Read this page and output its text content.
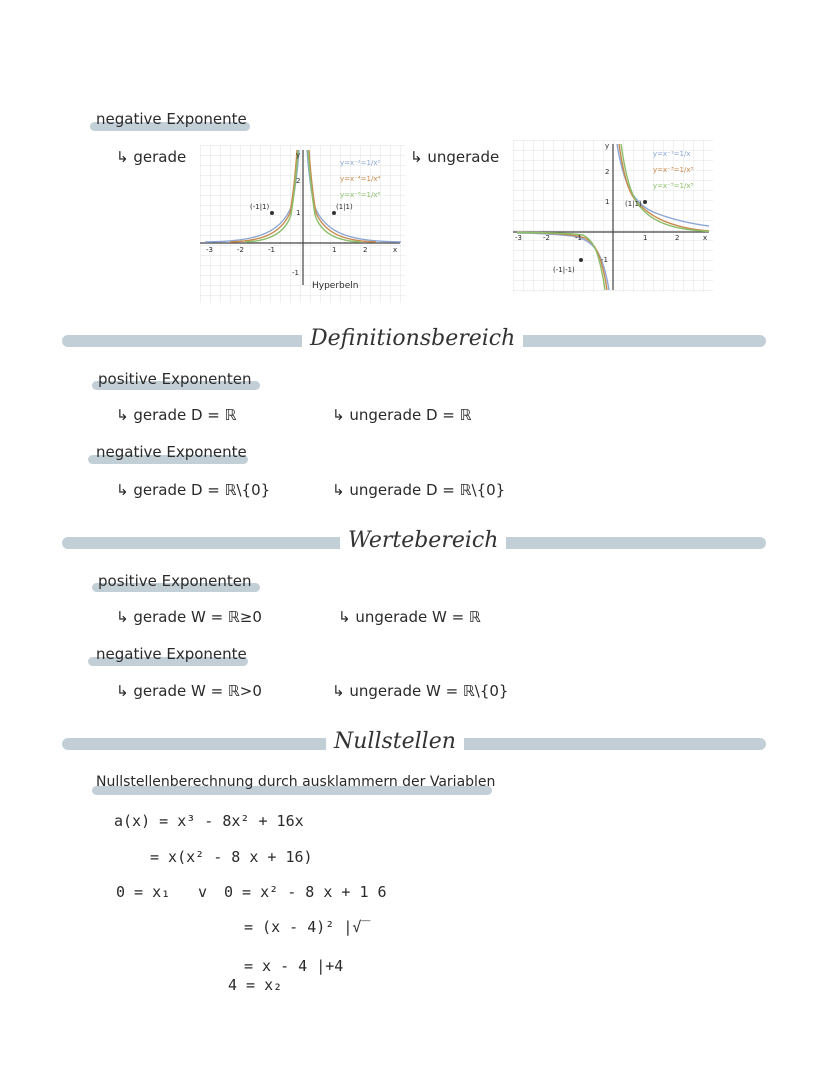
negative Exponente
↳ gerade	↳ ungerade
y=x⁻²=1/x²
y=x⁻⁴=1/x⁴
y=x⁻⁶=1/x⁶
(-1|1)	(1|1)
-3	-2	-1	1	2	x
y
2
1
-1
Hyperbeln
y=x⁻¹=1/x
y=x⁻³=1/x³
y=x⁻⁵=1/x⁵
(1|1)
(-1|-1)
-3	-2	-1	1	2	x
y
2
1
-1
Definitionsbereich
positive Exponenten
↳ gerade D = ℝ	↳ ungerade D = ℝ
negative Exponente
↳ gerade D = ℝ\{0}	↳ ungerade D = ℝ\{0}
Wertebereich
positive Exponenten
↳ gerade W = ℝ≥0	↳ ungerade W = ℝ
negative Exponente
↳ gerade W = ℝ>0	↳ ungerade W = ℝ\{0}
Nullstellen
Nullstellenberechnung durch ausklammern der Variablen
a(x) = x³ - 8x² + 16x
= x(x² - 8 x + 16)
0 = x₁ v 0 = x² - 8 x + 1 6
= (x - 4)² |√‾
= x - 4 |+4
4 = x₂
